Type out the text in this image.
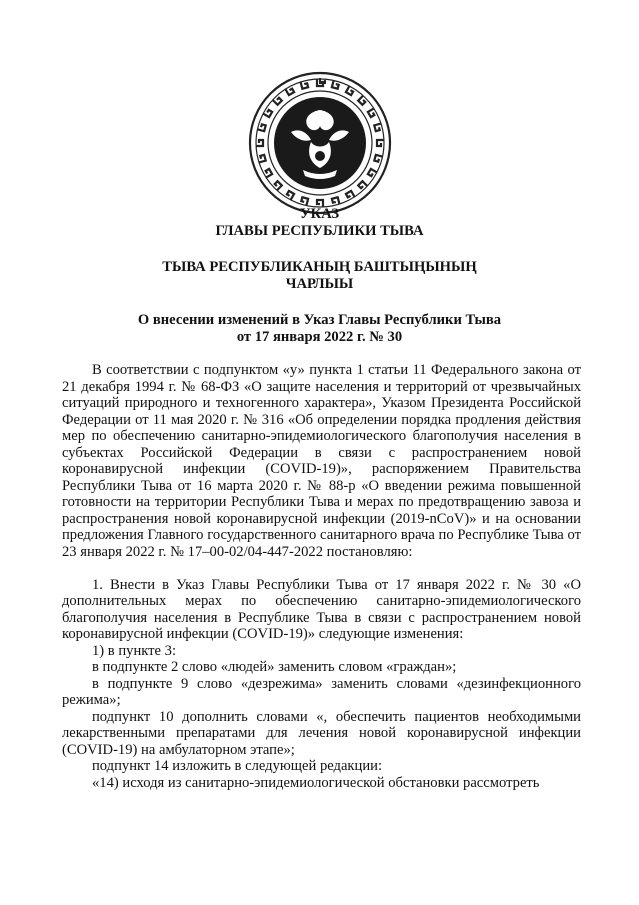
УКАЗ
ГЛАВЫ РЕСПУБЛИКИ ТЫВА
ТЫВА РЕСПУБЛИКАНЫҢ БАШТЫҢЫНЫҢ
ЧАРЛЫЫ
О внесении изменений в Указ Главы Республики Тыва
от 17 января 2022 г. № 30

В соответствии с подпунктом «у» пункта 1 статьи 11 Федерального закона от 21 декабря 1994 г. № 68-ФЗ «О защите населения и территорий от чрезвычайных ситуаций природного и техногенного характера», Указом Президента Российской Федерации от 11 мая 2020 г. № 316 «Об определении порядка продления действия мер по обеспечению санитарно-эпидемиологического благополучия населения в субъектах Российской Федерации в связи с распространением новой коронавирусной инфекции (COVID-19)», распоряжением Правительства Республики Тыва от 16 марта 2020 г. № 88-р «О введении режима повышенной готовности на территории Республики Тыва и мерах по предотвращению завоза и распространения новой коронавирусной инфекции (2019-nCoV)» и на основании предложения Главного государственного санитарного врача по Республике Тыва от 23 января 2022 г. № 17–00-02/04-447-2022 постановляю:

1. Внести в Указ Главы Республики Тыва от 17 января 2022 г. № 30 «О дополнительных мерах по обеспечению санитарно-эпидемиологического благополучия населения в Республике Тыва в связи с распространением новой коронавирусной инфекции (COVID-19)» следующие изменения:

1) в пункте 3:

в подпункте 2 слово «людей» заменить словом «граждан»;

в подпункте 9 слово «дезрежима» заменить словами «дезинфекционного режима»;

подпункт 10 дополнить словами «, обеспечить пациентов необходимыми лекарственными препаратами для лечения новой коронавирусной инфекции (COVID-19) на амбулаторном этапе»;

подпункт 14 изложить в следующей редакции:

«14) исходя из санитарно-эпидемиологической обстановки рассмотреть
